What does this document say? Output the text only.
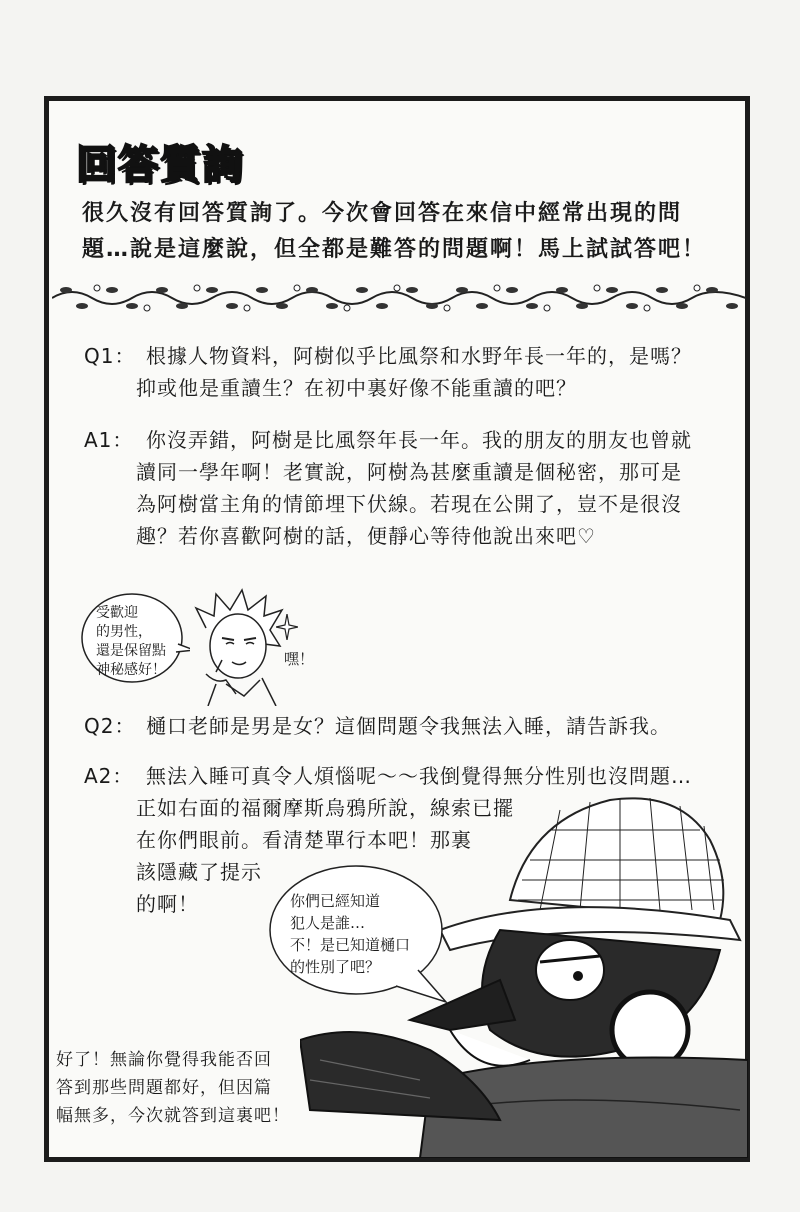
回答質詢
很久沒有回答質詢了。今次會回答在來信中經常出現的問
題…說是這麼說，但全都是難答的問題啊！馬上試試答吧！
Q1： 根據人物資料，阿樹似乎比風祭和水野年長一年的，是嗎？
抑或他是重讀生？在初中裏好像不能重讀的吧？
A1： 你沒弄錯，阿樹是比風祭年長一年。我的朋友的朋友也曾就
讀同一學年啊！老實說，阿樹為甚麼重讀是個秘密，那可是
為阿樹當主角的情節埋下伏線。若現在公開了，豈不是很沒
趣？若你喜歡阿樹的話，便靜心等待他說出來吧♡
受歡迎
的男性，
還是保留點
神秘感好！
嘿！
Q2： 樋口老師是男是女？這個問題令我無法入睡，請告訴我。
A2： 無法入睡可真令人煩惱呢～～我倒覺得無分性別也沒問題…
正如右面的福爾摩斯烏鴉所說，線索已擺
在你們眼前。看清楚單行本吧！那裏
該隱藏了提示
的啊！	你們已經知道
犯人是誰…
不！是已知道樋口
的性別了吧？
好了！無論你覺得我能否回
答到那些問題都好，但因篇
幅無多，今次就答到這裏吧！
